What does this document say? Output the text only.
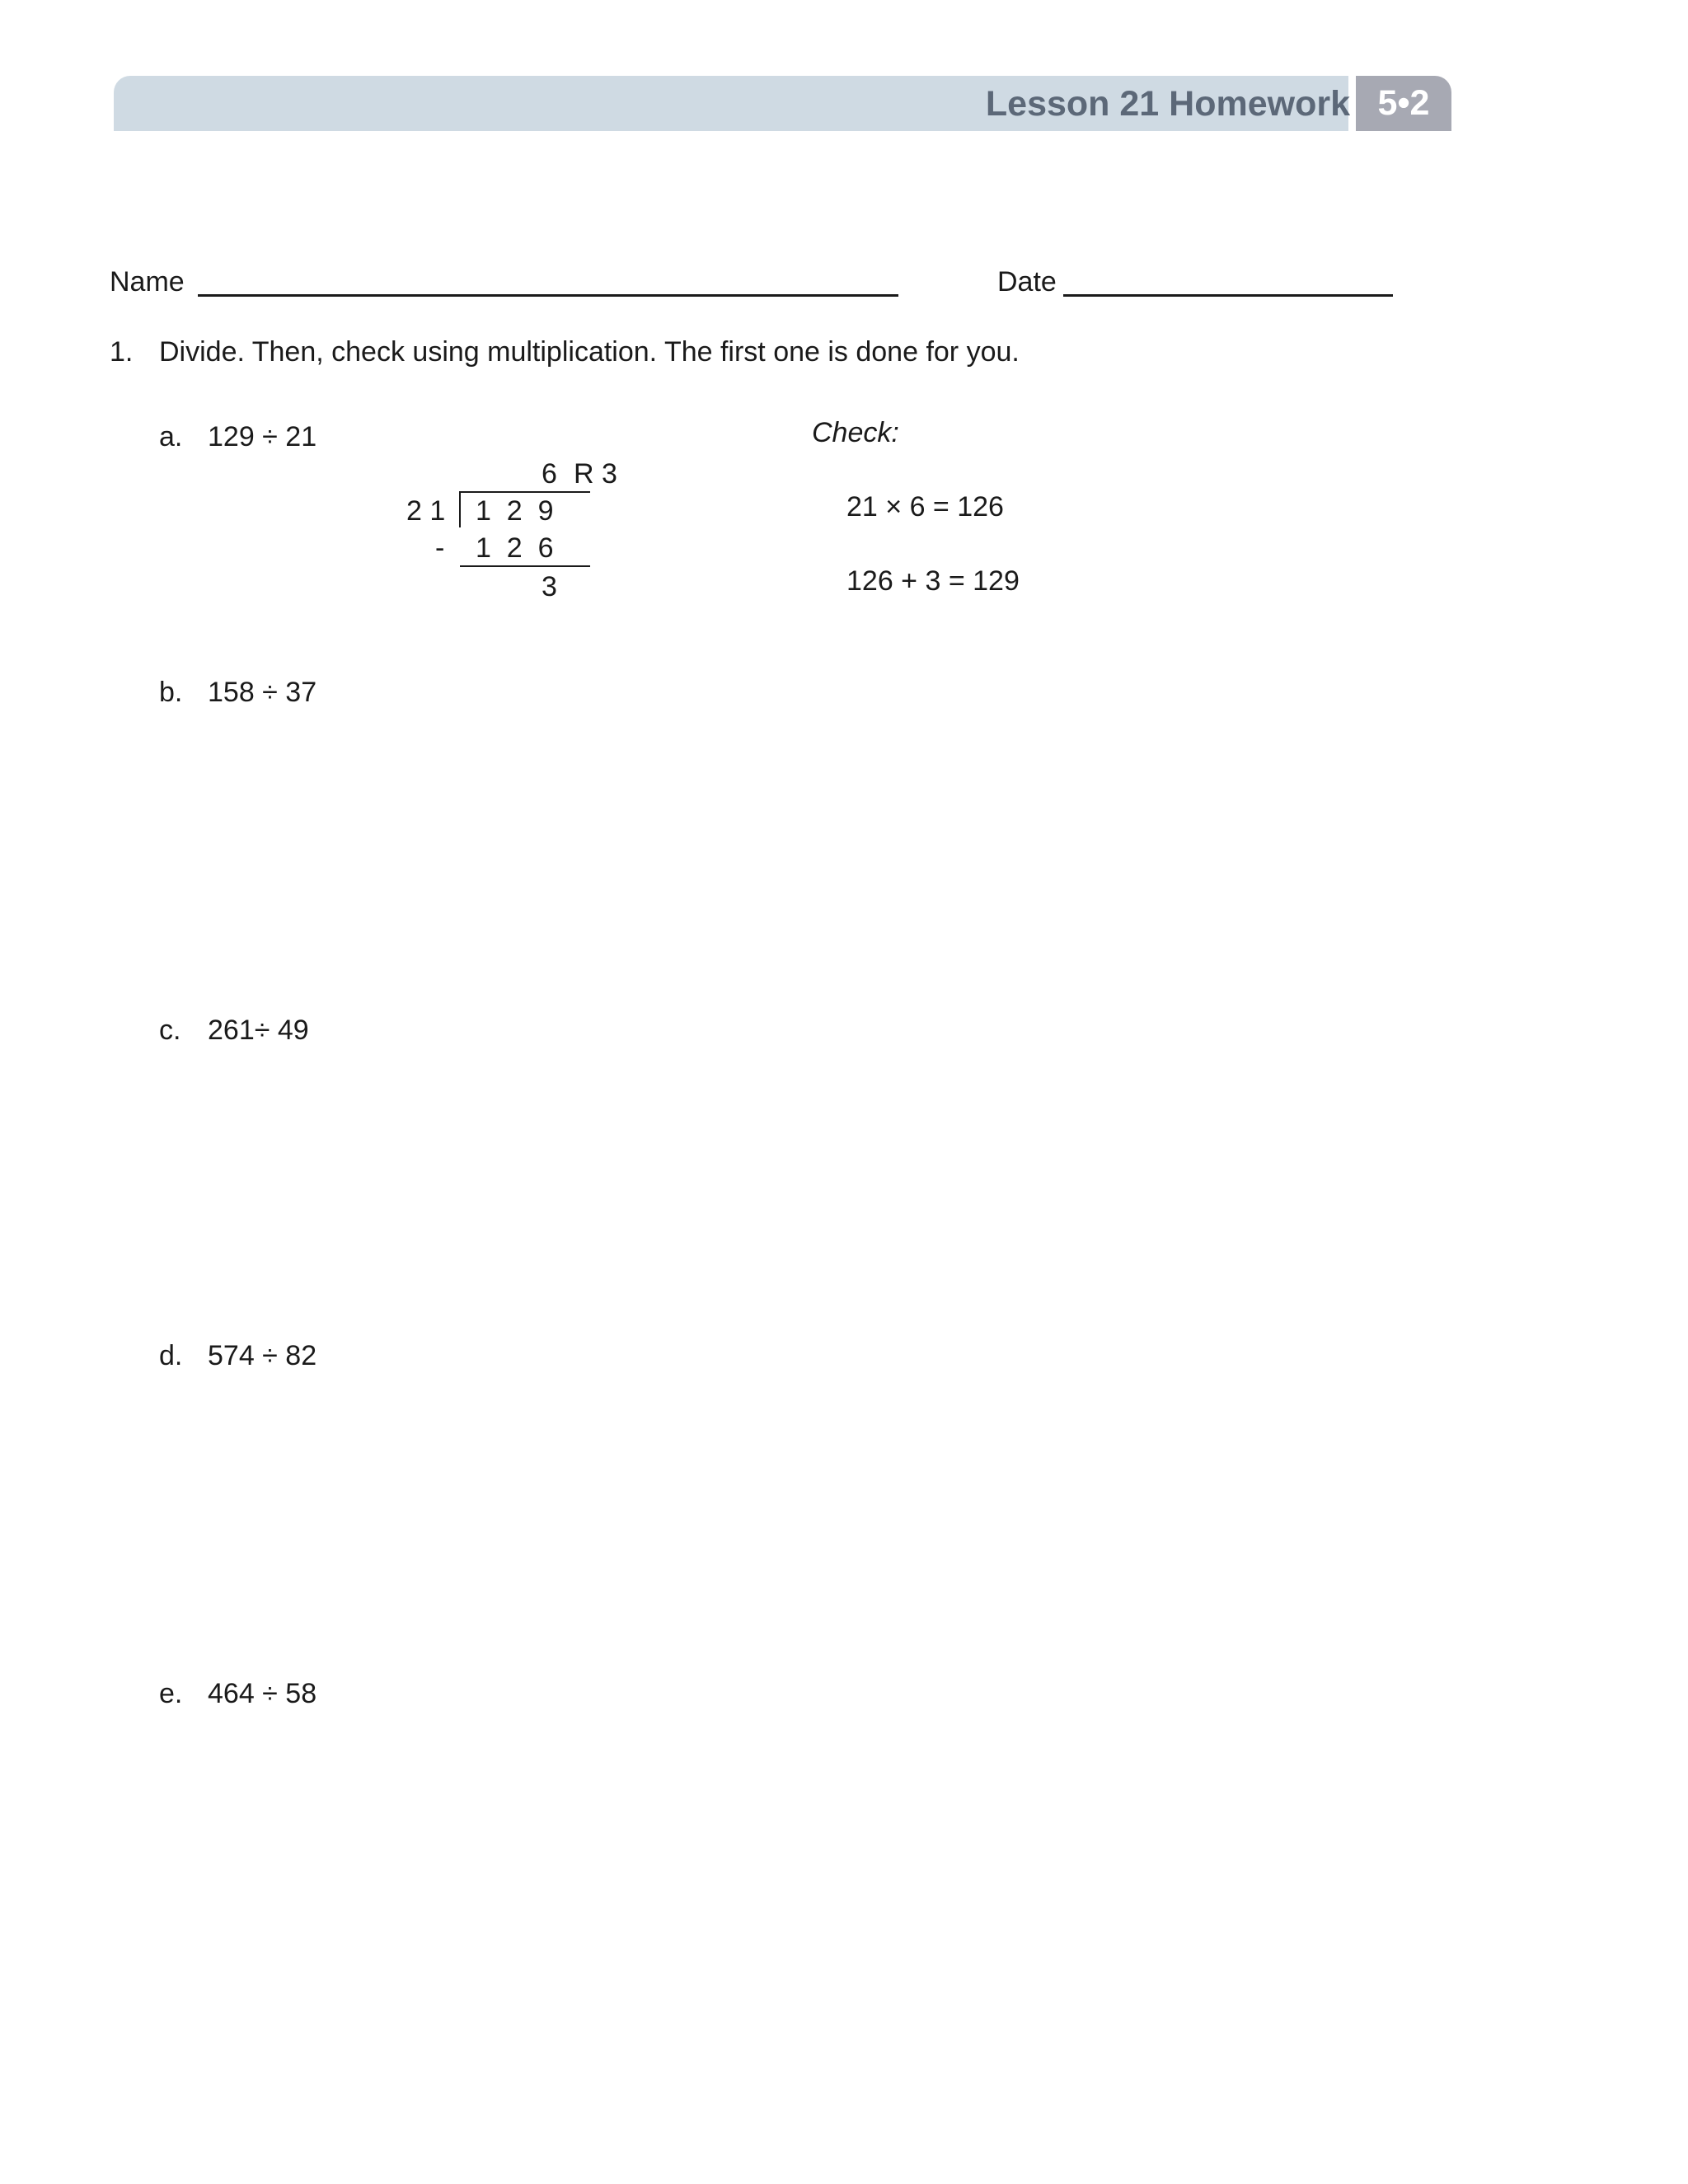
Lesson 21 Homework 5•2
Name	Date
1. Divide. Then, check using multiplication. The first one is done for you.
a. 129 ÷ 21
6 R 3
2 1 1  2  9
- 1  2  6
3
Check:
21 × 6 = 126
126 + 3 = 129
b. 158 ÷ 37
c. 261÷ 49
d. 574 ÷ 82
e. 464 ÷ 58
